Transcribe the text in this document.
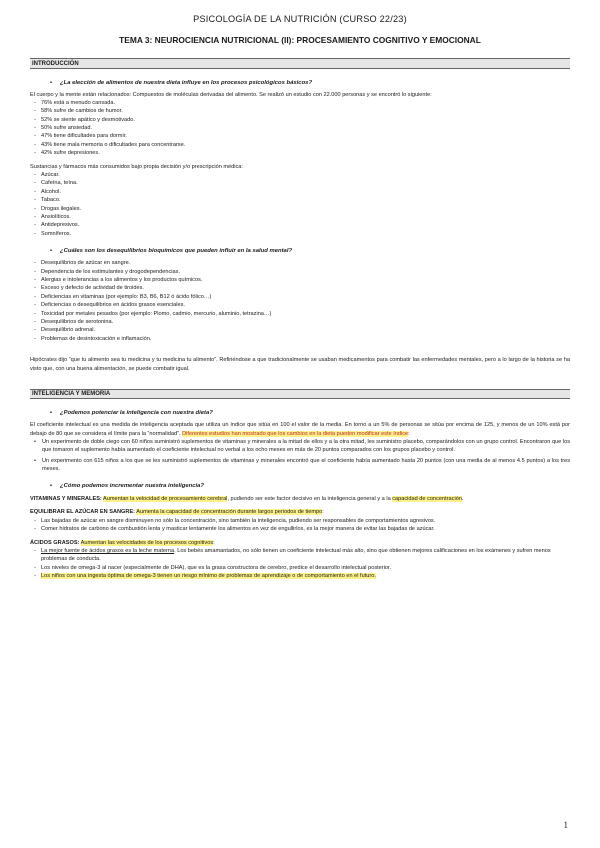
PSICOLOGÍA DE LA NUTRICIÓN (CURSO 22/23)

TEMA 3: NEUROCIENCIA NUTRICIONAL (II): PROCESAMIENTO COGNITIVO Y EMOCIONAL

INTRODUCCIÓN
• ¿La elección de alimentos de nuestra dieta influye en los procesos psicológicos básicos?

El cuerpo y la mente están relacionados: Compuestos de moléculas derivadas del alimento. Se realizó un estudio con 22.000 personas y se encontró lo siguiente:

- 76% está a menudo cansada.
- 58% sufre de cambios de humor.
- 52% se siente apático y desmotivado.
- 50% sufre ansiedad.
- 47% tiene dificultades para dormir.
- 43% tiene mala memoria o dificultades para concentrarse.
- 42% sufre depresiones.

Sustancias y fármacos más consumidos bajo propia decisión y/o prescripción médica:

- Azúcar.
- Cafeína, teína.
- Alcohol.
- Tabaco.
- Drogas ilegales.
- Ansiolíticos.
- Antidepresivos.
- Somníferos.
• ¿Cuáles son los desequilibrios bioquímicos que pueden influir en la salud mental?
- Desequilibrios de azúcar en sangre.
- Dependencia de los estimulantes y drogodependencias.
- Alergias e intolerancias a los alimentos y los productos químicos.
- Exceso y defecto de actividad de tiroides.
- Deficiencias en vitaminas (por ejemplo: B3, B6, B12 ó ácido fólico…)
- Deficiencias o desequilibrios en ácidos grasos esenciales.
- Toxicidad por metales pesados (por ejemplo: Plomo, cadmio, mercurio, aluminio, tetrazina…)
- Desequilibrios de serotonina.
- Desequilibrio adrenal.
- Problemas de desintoxicación e inflamación.

Hipócrates dijo “que tu alimento sea tu medicina y tu medicina tu alimento”. Refiriéndose a que tradicionalmente se usaban medicamentos para combatir las enfermedades mentales, pero a lo largo de la historia se ha visto que, con una buena alimentación, se puede combatir igual.

INTELIGENCIA Y MEMORIA
• ¿Podemos potenciar la inteligencia con nuestra dieta?

El coeficiente intelectual es una medida de inteligencia aceptada que utiliza un índice que sitúa en 100 el valor de la media. En torno a un 5% de personas se sitúa por encima de 125, y menos de un 10% está por debajo de 80 que se considera el límite para la “normalidad”. Diferentes estudios han mostrado que los cambios en la dieta pueden modificar este índice:

• Un experimento de doble ciego con 60 niños suministró suplementos de vitaminas y minerales a la mitad de ellos y a la otra mitad, les suministro placebo, comparándolos con un grupo control. Encontraron que los que tomaron el suplemento había aumentado el coeficiente intelectual no verbal a los ocho meses en más de 20 puntos comparados con los grupos placebo y control.
• Un experimento con 615 niños a los que se les suministró suplementos de vitaminas y minerales encontró que el coeficiente había aumentado hasta 20 puntos (con una media de al menos 4.5 puntos) a los tres meses.
• ¿Cómo podemos incrementar nuestra inteligencia?

VITAMINAS Y MINERALES: Aumentan la velocidad de procesamiento cerebral, pudiendo ser este factor decisivo en la inteligencia general y a la capacidad de concentración.

EQUILIBRAR EL AZÚCAR EN SANGRE: Aumenta la capacidad de concentración durante largos periodos de tiempo:

- Las bajadas de azúcar en sangre disminuyen no sólo la concentración, sino también la inteligencia, pudiendo ser responsables de comportamientos agresivos.
- Comer hidratos de carbono de combustión lenta y masticar lentamente los alimentos en vez de engullirlos, es la mejor manera de evitar las bajadas de azúcar.

ÁCIDOS GRASOS: Aumentan las velocidades de los procesos cognitivos:

- La mejor fuente de ácidos grasos es la leche materna. Los bebés amamantados, no sólo tienen un coeficiente intelectual más alto, sino que obtienen mejores calificaciones en los exámenes y sufren menos problemas de conducta.
- Los niveles de omega-3 al nacer (especialmente de DHA), que es la grasa constructora de cerebro, predice el desarrollo intelectual posterior.
- Los niños con una ingesta óptima de omega-3 tienen un riesgo mínimo de problemas de aprendizaje o de comportamiento en el futuro.
1
